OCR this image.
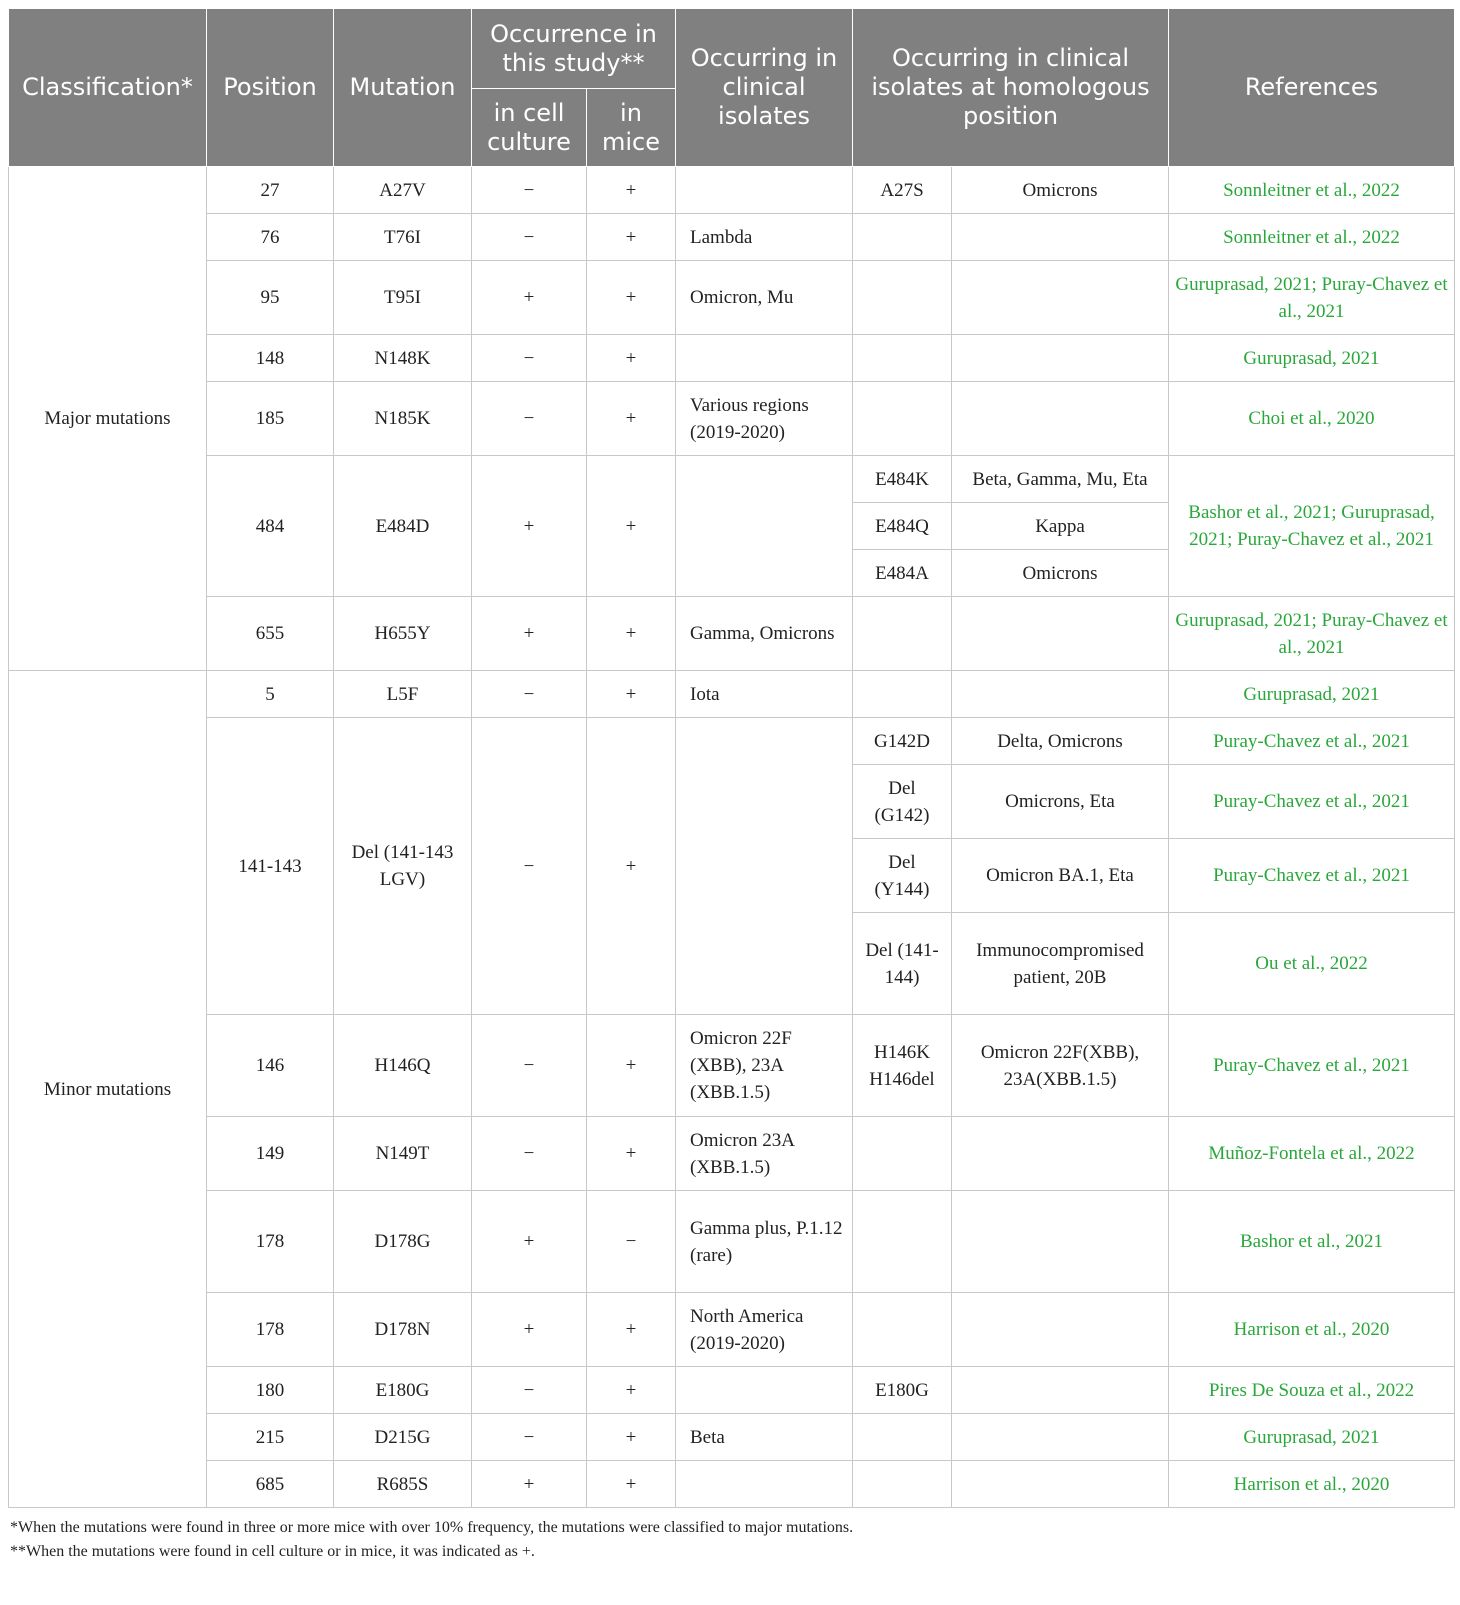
Classification*	Position	Mutation	Occurrence in this study**		Occurring in clinical isolates	Occurring in clinical isolates at homologous position		References
			in cell culture	in mice				
Major mutations	27	A27V	−	+		A27S	Omicrons	Sonnleitner et al., 2022
	76	T76I	−	+	Lambda			Sonnleitner et al., 2022
	95	T95I	+	+	Omicron, Mu			Guruprasad, 2021; Puray-Chavez et al., 2021
	148	N148K	−	+				Guruprasad, 2021
	185	N185K	−	+	Various regions (2019-2020)			Choi et al., 2020
	484	E484D	+	+		E484K	Beta, Gamma, Mu, Eta	Bashor et al., 2021; Guruprasad, 2021; Puray-Chavez et al., 2021
						E484Q	Kappa	
						E484A	Omicrons	
	655	H655Y	+	+	Gamma, Omicrons			Guruprasad, 2021; Puray-Chavez et al., 2021
Minor mutations	5	L5F	−	+	Iota			Guruprasad, 2021
	141-143	Del (141-143 LGV)	−	+		G142D	Delta, Omicrons	Puray-Chavez et al., 2021
						Del (G142)	Omicrons, Eta	Puray-Chavez et al., 2021
						Del (Y144)	Omicron BA.1, Eta	Puray-Chavez et al., 2021
						Del (141-144)	Immunocompromised patient, 20B	Ou et al., 2022
	146	H146Q	−	+	Omicron 22F (XBB), 23A (XBB.1.5)	H146K H146del	Omicron 22F(XBB), 23A(XBB.1.5)	Puray-Chavez et al., 2021
	149	N149T	−	+	Omicron 23A (XBB.1.5)			Muñoz-Fontela et al., 2022
	178	D178G	+	−	Gamma plus, P.1.12 (rare)			Bashor et al., 2021
	178	D178N	+	+	North America (2019-2020)			Harrison et al., 2020
	180	E180G	−	+		E180G		Pires De Souza et al., 2022
	215	D215G	−	+	Beta			Guruprasad, 2021
	685	R685S	+	+				Harrison et al., 2020
*When the mutations were found in three or more mice with over 10% frequency, the mutations were classified to major mutations.
**When the mutations were found in cell culture or in mice, it was indicated as +.
